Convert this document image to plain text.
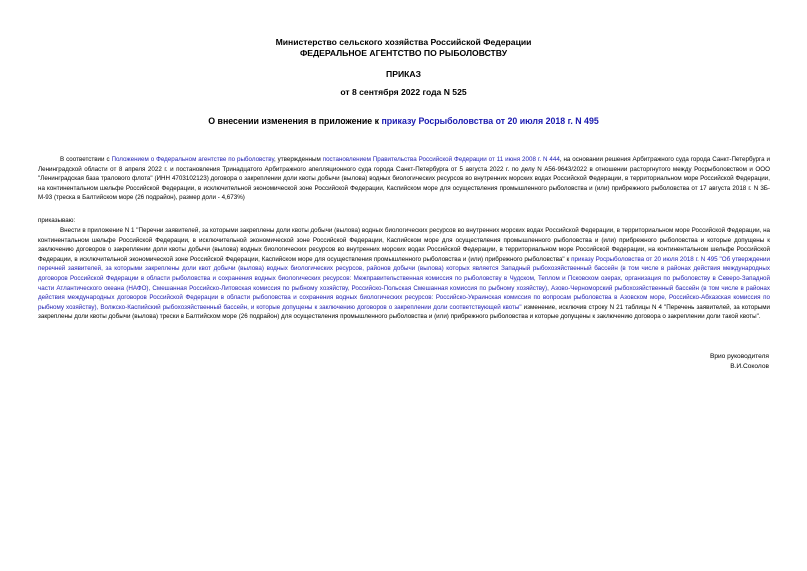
Министерство сельского хозяйства Российской Федерации
ФЕДЕРАЛЬНОЕ АГЕНТСТВО ПО РЫБОЛОВСТВУ
ПРИКАЗ
от 8 сентября 2022 года N 525
О внесении изменения в приложение к приказу Росрыболовства от 20 июля 2018 г. N 495
В соответствии с Положением о Федеральном агентстве по рыболовству, утвержденным постановлением Правительства Российской Федерации от 11 июня 2008 г. N 444, на основании решения Арбитражного суда города Санкт-Петербурга и Ленинградской области от 8 апреля 2022 г. и постановления Тринадцатого Арбитражного апелляционного суда города Санкт-Петербурга от 5 августа 2022 г. по делу N А56-9643/2022 в отношении расторгнутого между Росрыболовством и ООО "Ленинградская база тралового флота" (ИНН 4703102123) договора о закреплении доли квоты добычи (вылова) водных биологических ресурсов во внутренних морских водах Российской Федерации, в территориальном море Российской Федерации, на континентальном шельфе Российской Федерации, в исключительной экономической зоне Российской Федерации, Каспийском море для осуществления промышленного рыболовства и (или) прибрежного рыболовства от 17 августа 2018 г. N 3Б-М-93 (треска в Балтийском море (26 подрайон), размер доли - 4,673%)
приказываю:
Внести в приложение N 1 "Перечни заявителей, за которыми закреплены доли квоты добычи (вылова) водных биологических ресурсов во внутренних морских водах Российской Федерации, в территориальном море Российской Федерации, на континентальном шельфе Российской Федерации, в исключительной экономической зоне Российской Федерации, Каспийском море для осуществления промышленного рыболовства и (или) прибрежного рыболовства и которые допущены к заключению договоров о закреплении доли квоты добычи (вылова) водных биологических ресурсов во внутренних морских водах Российской Федерации, в территориальном море Российской Федерации, на континентальном шельфе Российской Федерации, в исключительной экономической зоне Российской Федерации, Каспийском море для осуществления промышленного рыболовства и (или) прибрежного рыболовства" к приказу Росрыболовства от 20 июля 2018 г. N 495 "Об утверждении перечней заявителей, за которыми закреплены доли квот добычи (вылова) водных биологических ресурсов, районов добычи (вылова) которых является Западный рыбохозяйственный бассейн (в том числе в районах действия международных договоров Российской Федерации в области рыболовства и сохранения водных биологических ресурсов: Межправительственная комиссия по рыболовству в Чудском, Теплом и Псковском озерах, организация по рыболовству в Северо-Западной части Атлантического океана (НАФО), Смешанная Российско-Литовская комиссия по рыбному хозяйству, Российско-Польская Смешанная комиссия по рыбному хозяйству), Азово-Черноморский рыбохозяйственный бассейн (в том числе в районах действия международных договоров Российской Федерации в области рыболовства и сохранения водных биологических ресурсов: Российско-Украинская комиссия по вопросам рыболовства в Азовском море, Российско-Абхазская комиссия по рыбному хозяйству), Волжско-Каспийский рыбохозяйственный бассейн, и которые допущены к заключению договоров о закреплении доли соответствующей квоты" изменение, исключив строку N 21 таблицы N 4 "Перечень заявителей, за которыми закреплены доли квоты добычи (вылова) трески в Балтийском море (26 подрайон) для осуществления промышленного рыболовства и (или) прибрежного рыболовства и которые допущены к заключению договора о закреплении доли такой квоты".
Врио руководителя
В.И.Соколов
